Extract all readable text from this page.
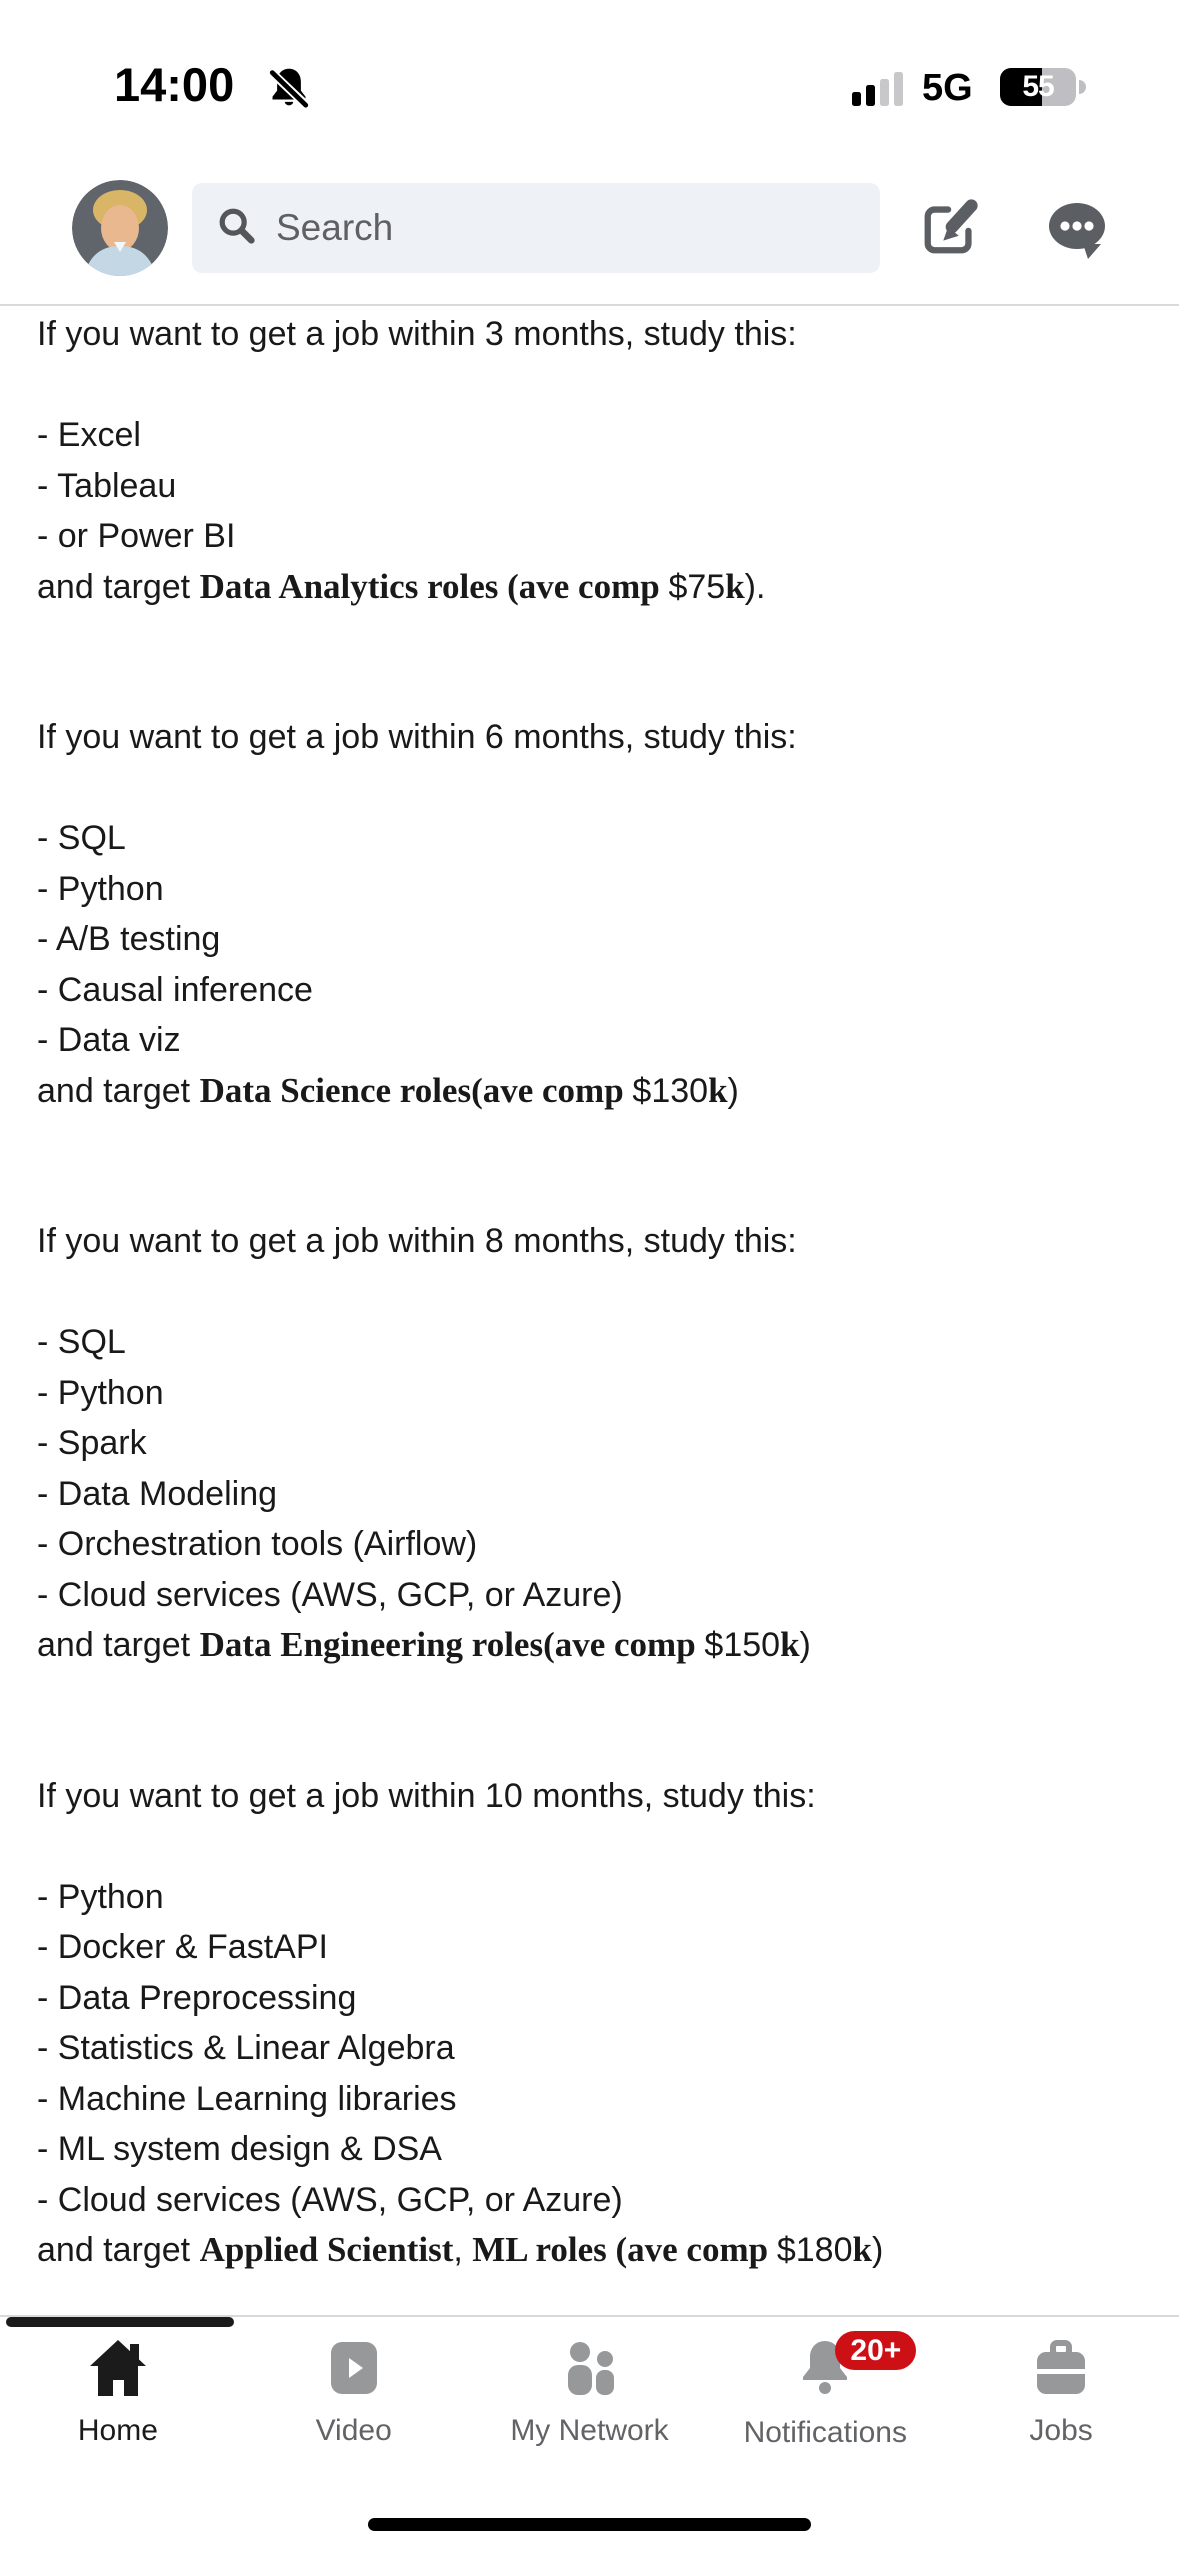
14:00	5G	55
Search
If you want to get a job within 3 months, study this:
- Excel
- Tableau
- or Power BI
and target Data Analytics roles (ave comp $75k).
If you want to get a job within 6 months, study this:
- SQL
- Python
- A/B testing
- Causal inference
- Data viz
and target Data Science roles(ave comp $130k)
If you want to get a job within 8 months, study this:
- SQL
- Python
- Spark
- Data Modeling
- Orchestration tools (Airflow)
- Cloud services (AWS, GCP, or Azure)
and target Data Engineering roles(ave comp $150k)
If you want to get a job within 10 months, study this:
- Python
- Docker & FastAPI
- Data Preprocessing
- Statistics & Linear Algebra
- Machine Learning libraries
- ML system design & DSA
- Cloud services (AWS, GCP, or Azure)
and target Applied Scientist, ML roles (ave comp $180k)
Home	Video	My Network
20+
Notifications	Jobs
